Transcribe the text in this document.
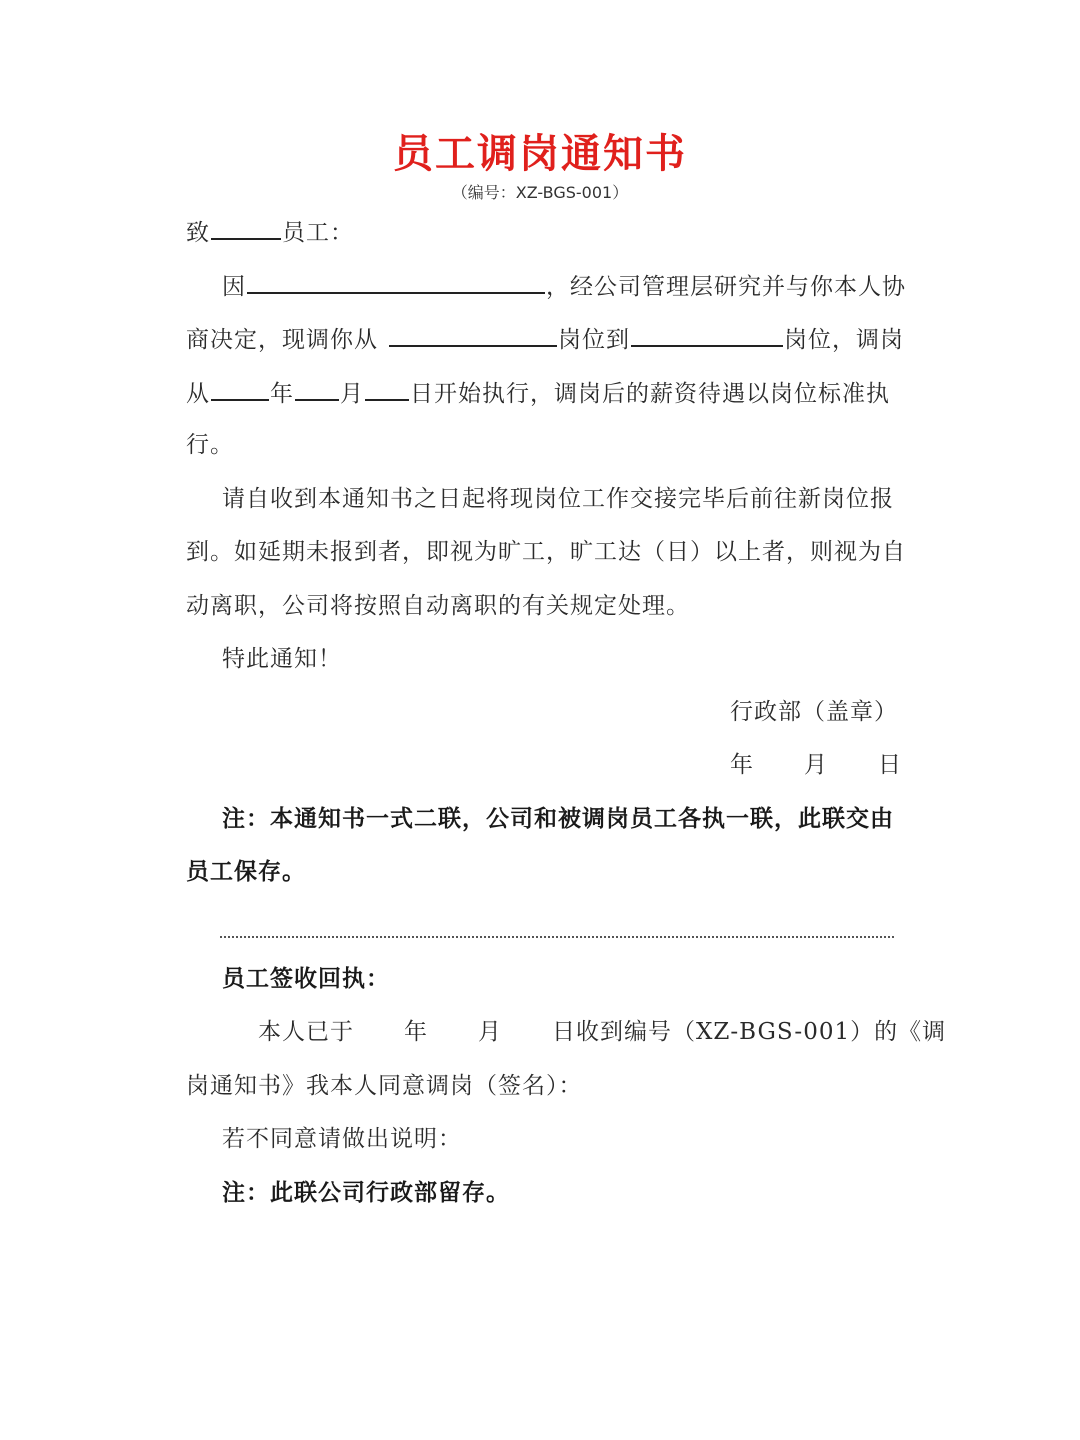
员工调岗通知书
（编号：XZ-BGS-001）
致	员工：
因	，经公司管理层研究并与你本人协
商决定，现调你从	岗位到	岗位，调岗
从	年 月 日开始执行，调岗后的薪资待遇以岗位标准执
行。
请自收到本通知书之日起将现岗位工作交接完毕后前往新岗位报
到。如延期未报到者，即视为旷工，旷工达（日）以上者，则视为自
动离职，公司将按照自动离职的有关规定处理。
特此通知！
行政部（盖章）
年 月 日
注：本通知书一式二联，公司和被调岗员工各执一联，此联交由
员工保存。
员工签收回执：
本人已于 年 月 日收到编号（XZ-BGS-001）的《调
岗通知书》我本人同意调岗（签名）：
若不同意请做出说明：
注：此联公司行政部留存。
